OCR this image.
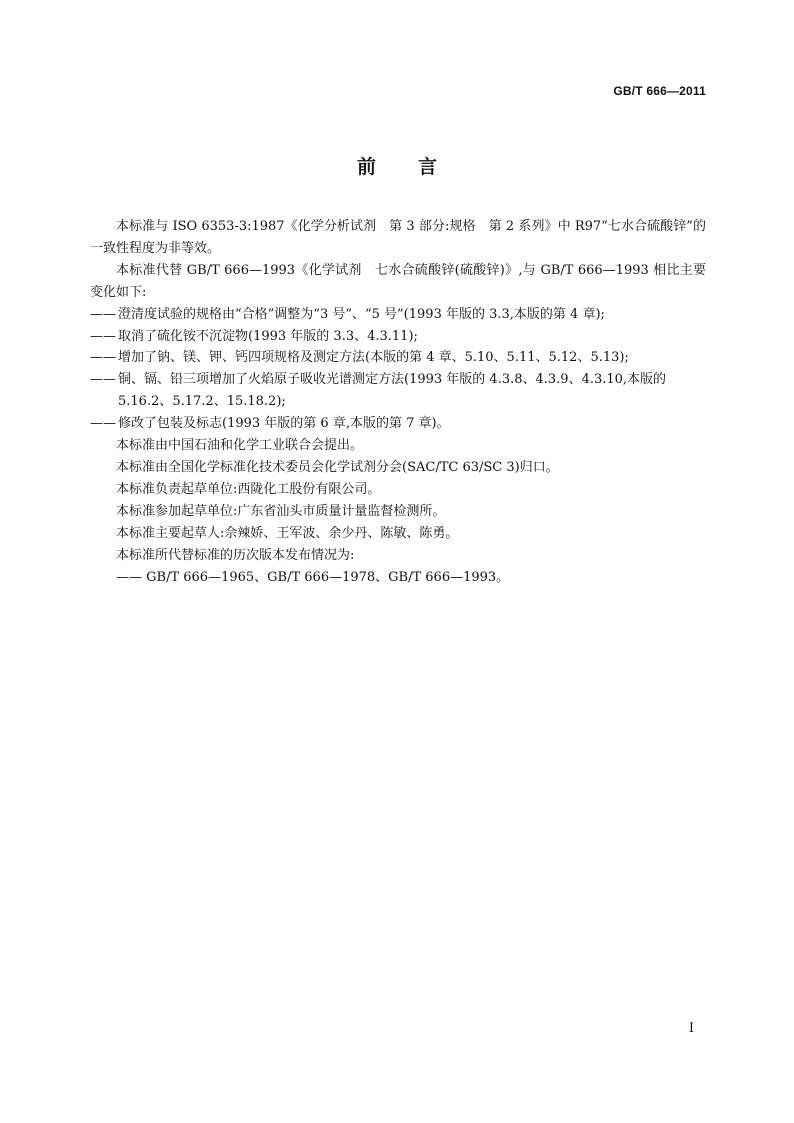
GB/T 666—2011
前 言

本标准与 ISO 6353-3:1987《化学分析试剂　第 3 部分:规格　第 2 系列》中 R97“七水合硫酸锌”的一致性程度为非等效。

本标准代替 GB/T 666—1993《化学试剂　七水合硫酸锌(硫酸锌)》,与 GB/T 666—1993 相比主要变化如下:

—— 澄清度试验的规格由“合格”调整为“3 号”、“5 号”(1993 年版的 3.3,本版的第 4 章);

—— 取消了硫化铵不沉淀物(1993 年版的 3.3、4.3.11);

—— 增加了钠、镁、钾、钙四项规格及测定方法(本版的第 4 章、5.10、5.11、5.12、5.13);

—— 铜、镉、铅三项增加了火焰原子吸收光谱测定方法(1993 年版的 4.3.8、4.3.9、4.3.10,本版的

5.16.2、5.17.2、15.18.2);

—— 修改了包装及标志(1993 年版的第 6 章,本版的第 7 章)。

本标准由中国石油和化学工业联合会提出。

本标准由全国化学标准化技术委员会化学试剂分会(SAC/TC 63/SC 3)归口。

本标准负责起草单位:西陇化工股份有限公司。

本标准参加起草单位:广东省汕头市质量计量监督检测所。

本标准主要起草人:佘辣娇、王军波、余少丹、陈敏、陈勇。

本标准所代替标准的历次版本发布情况为:

—— GB/T 666—1965、GB/T 666—1978、GB/T 666—1993。

I
